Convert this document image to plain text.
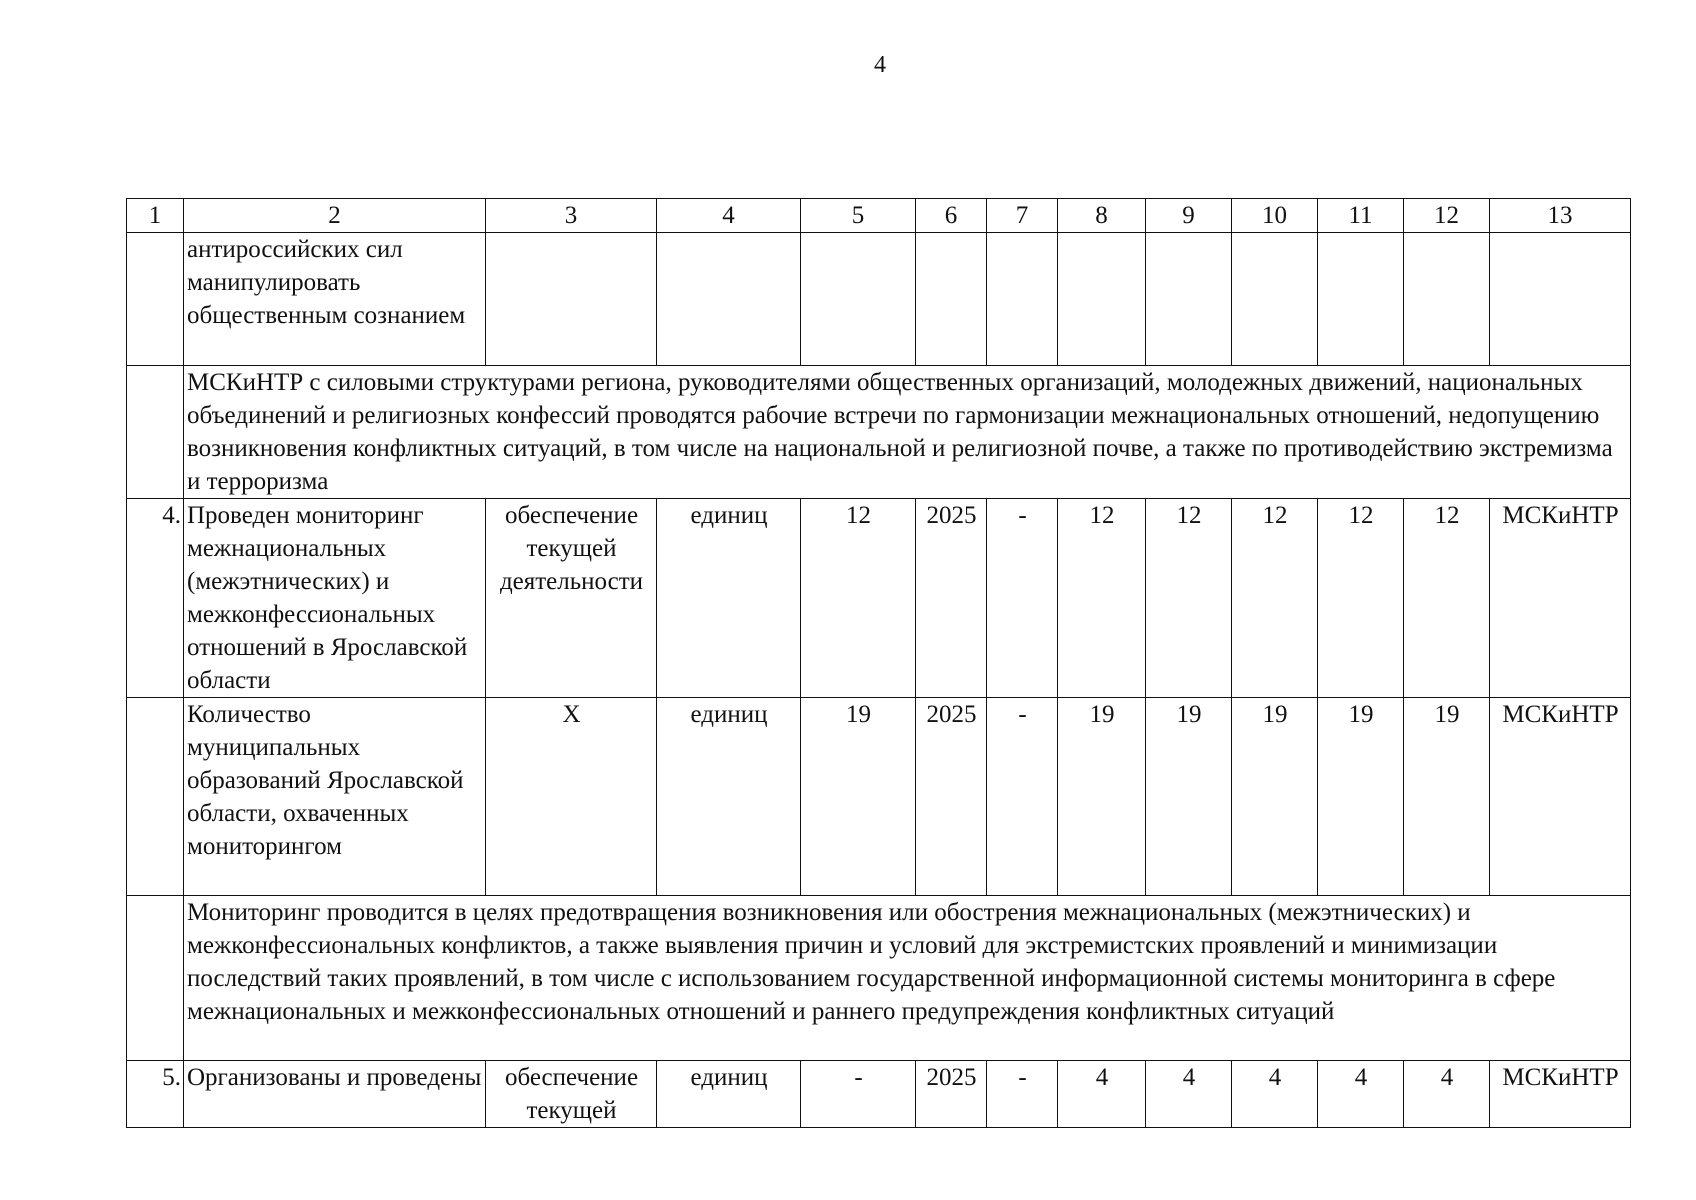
4
1	2	3	4	5	6	7	8	9	10	11	12	13
	антироссийских сил манипулировать общественным сознанием											
	МСКиНТР с силовыми структурами региона, руководителями общественных организаций, молодежных движений, национальных объединений и религиозных конфессий проводятся рабочие встречи по гармонизации межнациональных отношений, недопущению возникновения конфликтных ситуаций, в том числе на национальной и религиозной почве, а также по противодействию экстремизма и терроризма											
4.	Проведен мониторинг межнациональных (межэтнических) и межконфессиональных отношений в Ярославской области	обеспечение текущей деятельности	единиц	12	2025	-	12	12	12	12	12	МСКиНТР
	Количество муниципальных образований Ярославской области, охваченных мониторингом	Х	единиц	19	2025	-	19	19	19	19	19	МСКиНТР
	Мониторинг проводится в целях предотвращения возникновения или обострения межнациональных (межэтнических) и межконфессиональных конфликтов, а также выявления причин и условий для экстремистских проявлений и минимизации последствий таких проявлений, в том числе с использованием государственной информационной системы мониторинга в сфере межнациональных и межконфессиональных отношений и раннего предупреждения конфликтных ситуаций											
5.	Организованы и проведены	обеспечение текущей	единиц	-	2025	-	4	4	4	4	4	МСКиНТР
